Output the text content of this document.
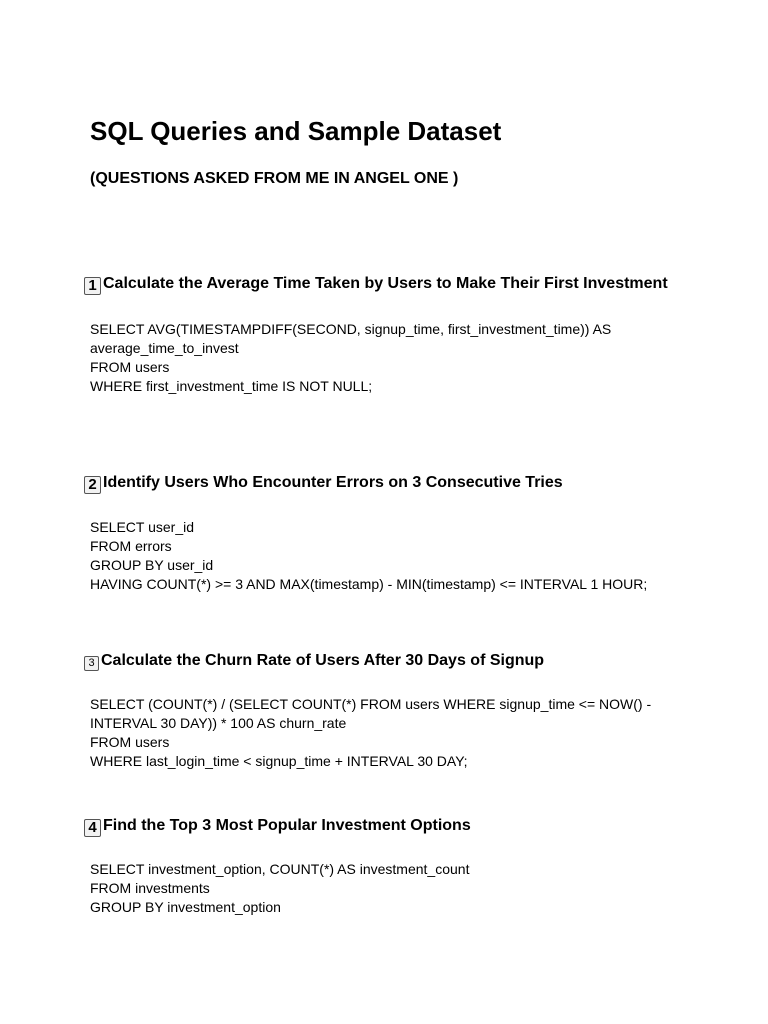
SQL Queries and Sample Dataset
(QUESTIONS ASKED FROM ME IN ANGEL ONE )

1 Calculate the Average Time Taken by Users to Make Their First Investment

SELECT AVG(TIMESTAMPDIFF(SECOND, signup_time, first_investment_time)) AS
average_time_to_invest
FROM users
WHERE first_investment_time IS NOT NULL;

2 Identify Users Who Encounter Errors on 3 Consecutive Tries

SELECT user_id
FROM errors
GROUP BY user_id
HAVING COUNT(*) >= 3 AND MAX(timestamp) - MIN(timestamp) <= INTERVAL 1 HOUR;

3 Calculate the Churn Rate of Users After 30 Days of Signup

SELECT (COUNT(*) / (SELECT COUNT(*) FROM users WHERE signup_time <= NOW() -
INTERVAL 30 DAY)) * 100 AS churn_rate
FROM users
WHERE last_login_time < signup_time + INTERVAL 30 DAY;

4 Find the Top 3 Most Popular Investment Options

SELECT investment_option, COUNT(*) AS investment_count
FROM investments
GROUP BY investment_option
